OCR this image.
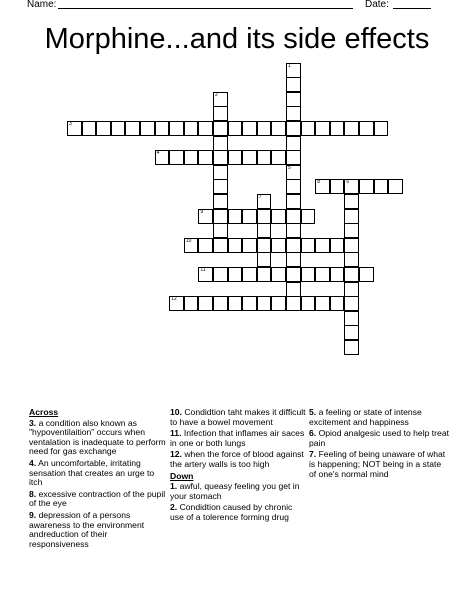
Name:	Date:
Morphine...and its side effects
3
4
8	6
9
10
11
12
1
2
5
7
Across
3. a condition also known as "hypoventilaition" occurs when ventalation is inadequate to perform need for gas exchange
4. An uncomfortable, irritating sensation that creates an urge to itch
8. excessive contraction of the pupil of the eye
9. depression of a persons awareness to the environment andreduction of their responsiveness
10. Condidtion taht makes it difficult to have a bowel movement
11. Infection that inflames air saces in one or both lungs
12. when the force of blood against the artery walls is too high
Down
1. awful, queasy feeling you get in your stomach
2. Condidtion caused by chronic use of a tolerence forming drug
5. a feeling or state of intense excitement and happiness
6. Opiod analgesic used to help treat pain
7. Feeling of being unaware of what is happening; NOT being in a state of one's normal mind
